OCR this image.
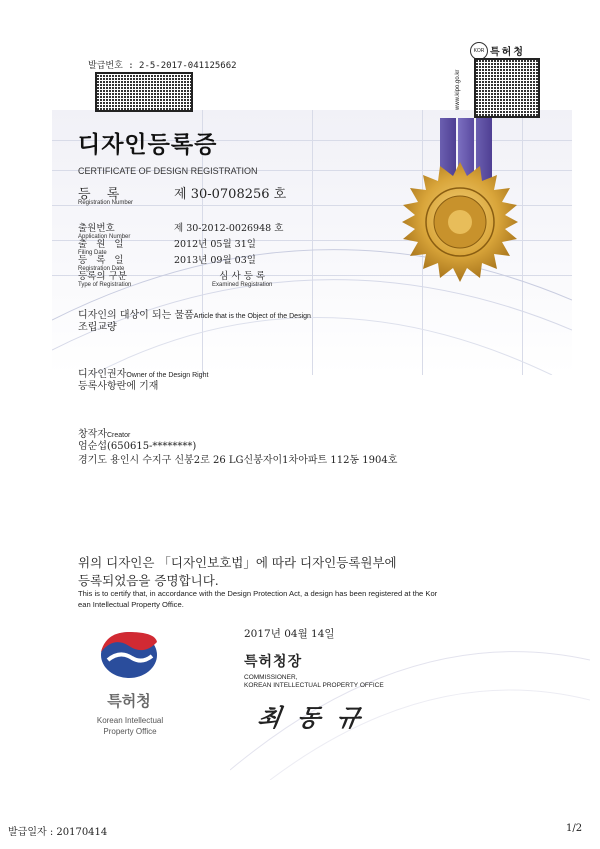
발급번호 : 2-5-2017-041125662
KOR 특허청
www.kipo.go.kr
디자인등록증
CERTIFICATE OF DESIGN REGISTRATION
등 록	제 30-0708256 호
Registration Number
출원번호
Application Number
제 30-2012-0026948 호
출 원 일
Filing Date
2012년 05월 31일
등 록 일
Registration Date
2013년 09월 03일
등록의 구분
Type of Registration
심 사 등 록
Examined Registration
디자인의 대상이 되는 물품Article that is the Object of the Design
조립교량
디자인권자Owner of the Design Right
등록사항란에 기재
창작자Creator
엄순섭(650615-********)
경기도 용인시 수지구 신봉2로 26 LG신봉자이1차아파트 112동 1904호
위의 디자인은 「디자인보호법」에 따라 디자인등록원부에
등록되었음을 증명합니다.
This is to certify that, in accordance with the Design Protection Act, a design has been registered at the Kor
ean Intellectual Property Office.
2017년 04월 14일
특허청
Korean Intellectual
Property Office
특허청장
COMMISSIONER,
KOREAN INTELLECTUAL PROPERTY OFFICE
최 동 규
발급일자 : 20170414	1/2
